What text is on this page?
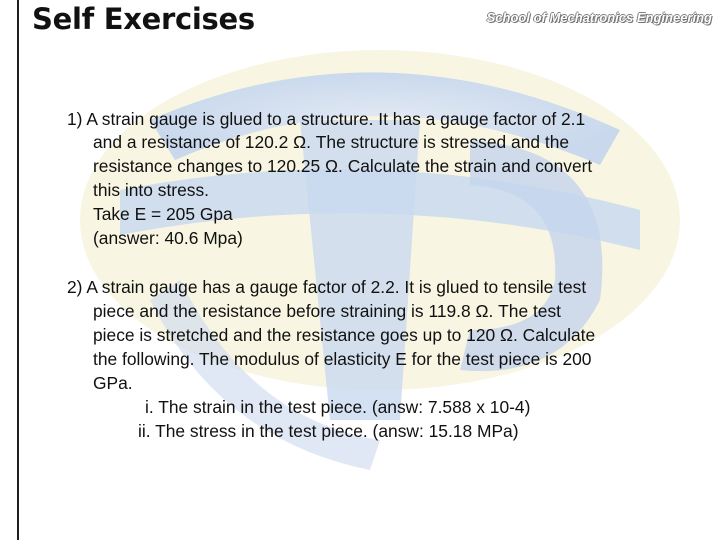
Self Exercises	School of Mechatronics Engineering
1) A strain gauge is glued to a structure. It has a gauge factor of 2.1
and a resistance of 120.2 Ω. The structure is stressed and the
resistance changes to 120.25 Ω. Calculate the strain and convert
this into stress.
Take E = 205 Gpa
(answer: 40.6 Mpa)
2) A strain gauge has a gauge factor of 2.2. It is glued to tensile test
piece and the resistance before straining is 119.8 Ω. The test
piece is stretched and the resistance goes up to 120 Ω. Calculate
the following. The modulus of elasticity E for the test piece is 200
GPa.
i. The strain in the test piece. (answ: 7.588 x 10-4)
ii. The stress in the test piece. (answ: 15.18 MPa)
